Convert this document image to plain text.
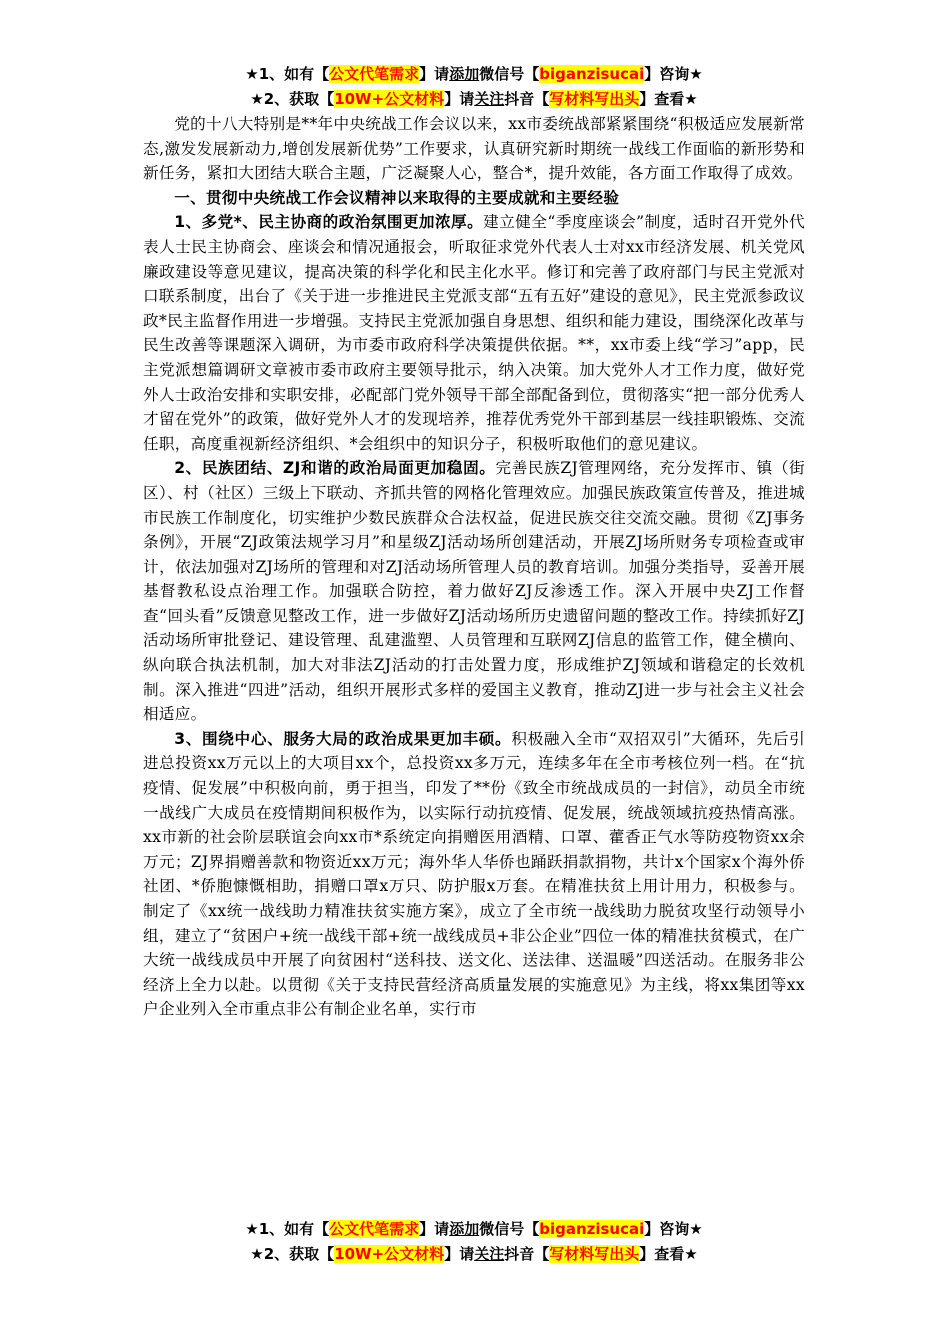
★1、如有【公文代笔需求】请添加微信号【biganzisucai】咨询★
★2、获取【10W+公文材料】请关注抖音【写材料写出头】查看★

党的十八大特别是**年中央统战工作会议以来，xx市委统战部紧紧围绕“积极适应发展新常态,激发发展新动力,增创发展新优势”工作要求，认真研究新时期统一战线工作面临的新形势和新任务，紧扣大团结大联合主题，广泛凝聚人心，整合*，提升效能，各方面工作取得了成效。

一、贯彻中央统战工作会议精神以来取得的主要成就和主要经验

1、多党*、民主协商的政治氛围更加浓厚。建立健全“季度座谈会”制度，适时召开党外代表人士民主协商会、座谈会和情况通报会，听取征求党外代表人士对xx市经济发展、机关党风廉政建设等意见建议，提高决策的科学化和民主化水平。修订和完善了政府部门与民主党派对口联系制度，出台了《关于进一步推进民主党派支部“五有五好”建设的意见》，民主党派参政议政*民主监督作用进一步增强。支持民主党派加强自身思想、组织和能力建设，围绕深化改革与民生改善等课题深入调研，为市委市政府科学决策提供依据。**，xx市委上线“学习”app，民主党派想篇调研文章被市委市政府主要领导批示，纳入决策。加大党外人才工作力度，做好党外人士政治安排和实职安排，必配部门党外领导干部全部配备到位，贯彻落实“把一部分优秀人才留在党外”的政策，做好党外人才的发现培养，推荐优秀党外干部到基层一线挂职锻炼、交流任职，高度重视新经济组织、*会组织中的知识分子，积极听取他们的意见建议。

2、民族团结、ZJ和谐的政治局面更加稳固。完善民族ZJ管理网络，充分发挥市、镇（街区）、村（社区）三级上下联动、齐抓共管的网格化管理效应。加强民族政策宣传普及，推进城市民族工作制度化，切实维护少数民族群众合法权益，促进民族交往交流交融。贯彻《ZJ事务条例》，开展“ZJ政策法规学习月”和星级ZJ活动场所创建活动，开展ZJ场所财务专项检查或审计，依法加强对ZJ场所的管理和对ZJ活动场所管理人员的教育培训。加强分类指导，妥善开展基督教私设点治理工作。加强联合防控，着力做好ZJ反渗透工作。深入开展中央ZJ工作督查“回头看”反馈意见整改工作，进一步做好ZJ活动场所历史遗留问题的整改工作。持续抓好ZJ活动场所审批登记、建设管理、乱建滥塑、人员管理和互联网ZJ信息的监管工作，健全横向、纵向联合执法机制，加大对非法ZJ活动的打击处置力度，形成维护ZJ领域和谐稳定的长效机制。深入推进“四进”活动，组织开展形式多样的爱国主义教育，推动ZJ进一步与社会主义社会相适应。

3、围绕中心、服务大局的政治成果更加丰硕。积极融入全市“双招双引”大循环，先后引进总投资xx万元以上的大项目xx个，总投资xx多万元，连续多年在全市考核位列一档。在“抗疫情、促发展”中积极向前，勇于担当，印发了**份《致全市统战成员的一封信》，动员全市统一战线广大成员在疫情期间积极作为，以实际行动抗疫情、促发展，统战领域抗疫热情高涨。xx市新的社会阶层联谊会向xx市*系统定向捐赠医用酒精、口罩、藿香正气水等防疫物资xx余万元；ZJ界捐赠善款和物资近xx万元；海外华人华侨也踊跃捐款捐物，共计x个国家x个海外侨社团、*侨胞慷慨相助，捐赠口罩x万只、防护服x万套。在精准扶贫上用计用力，积极参与。制定了《xx统一战线助力精准扶贫实施方案》，成立了全市统一战线助力脱贫攻坚行动领导小组，建立了“贫困户+统一战线干部+统一战线成员+非公企业”四位一体的精准扶贫模式，在广大统一战线成员中开展了向贫困村“送科技、送文化、送法律、送温暖”四送活动。在服务非公经济上全力以赴。以贯彻《关于支持民营经济高质量发展的实施意见》为主线，将xx集团等xx户企业列入全市重点非公有制企业名单，实行市

★1、如有【公文代笔需求】请添加微信号【biganzisucai】咨询★
★2、获取【10W+公文材料】请关注抖音【写材料写出头】查看★
